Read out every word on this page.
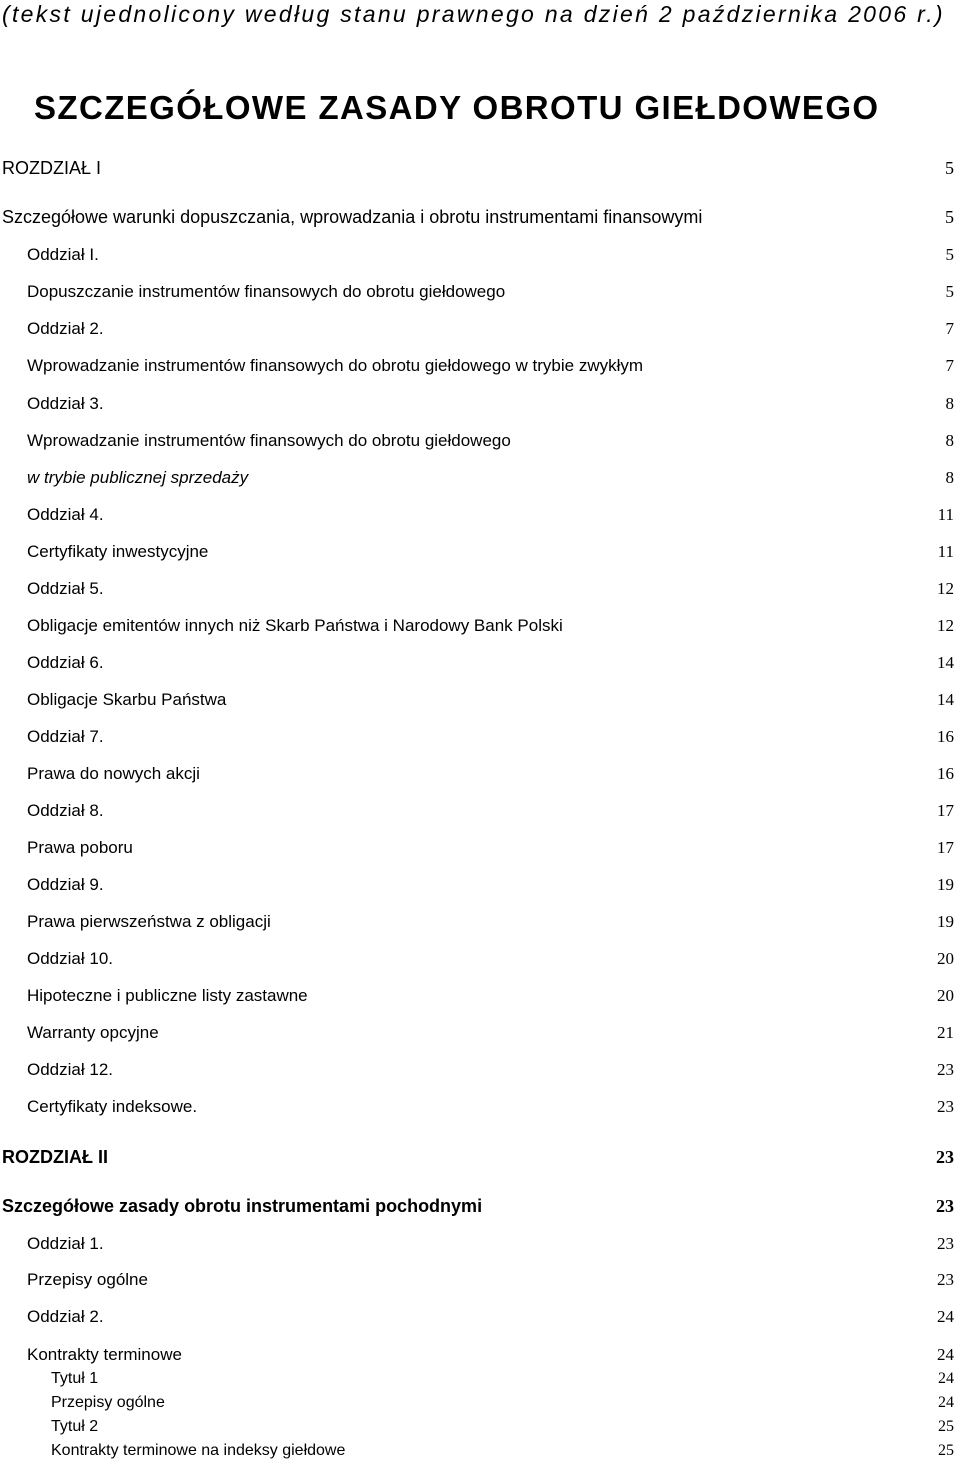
(tekst ujednolicony według stanu prawnego na dzień 2 października 2006 r.)

SZCZEGÓŁOWE ZASADY OBROTU GIEŁDOWEGO
ROZDZIAŁ I	5
Szczegółowe warunki dopuszczania, wprowadzania i obrotu instrumentami finansowymi	5
Oddział I.	5
Dopuszczanie instrumentów finansowych do obrotu giełdowego	5
Oddział 2.	7
Wprowadzanie instrumentów finansowych do obrotu giełdowego w trybie zwykłym	7
Oddział 3.	8
Wprowadzanie instrumentów finansowych do obrotu giełdowego	8
w trybie publicznej sprzedaży	8
Oddział 4.	11
Certyfikaty inwestycyjne	11
Oddział 5.	12
Obligacje emitentów innych niż Skarb Państwa i Narodowy Bank Polski	12
Oddział 6.	14
Obligacje Skarbu Państwa	14
Oddział 7.	16
Prawa do nowych akcji	16
Oddział 8.	17
Prawa poboru	17
Oddział 9.	19
Prawa pierwszeństwa z obligacji	19
Oddział 10.	20
Hipoteczne i publiczne listy zastawne	20
Warranty opcyjne	21
Oddział 12.	23
Certyfikaty indeksowe.	23
ROZDZIAŁ II	23
Szczegółowe zasady obrotu instrumentami pochodnymi	23
Oddział 1.	23
Przepisy ogólne	23
Oddział 2.	24
Kontrakty terminowe	24
Tytuł 1	24
Przepisy ogólne	24
Tytuł 2	25
Kontrakty terminowe na indeksy giełdowe	25
